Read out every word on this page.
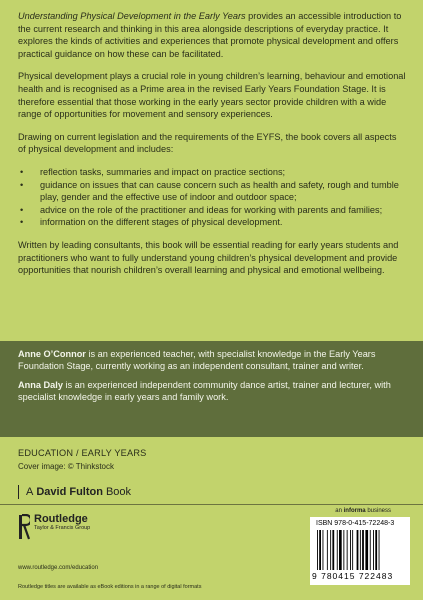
Understanding Physical Development in the Early Years provides an accessible introduction to the current research and thinking in this area alongside descriptions of everyday practice. It explores the kinds of activities and experiences that promote physical development and offers practical guidance on how these can be facilitated.

Physical development plays a crucial role in young children’s learning, behaviour and emotional health and is recognised as a Prime area in the revised Early Years Foundation Stage. It is therefore essential that those working in the early years sector provide children with a wide range of opportunities for movement and sensory experiences.

Drawing on current legislation and the requirements of the EYFS, the book covers all aspects of physical development and includes:

• reflection tasks, summaries and impact on practice sections;
• guidance on issues that can cause concern such as health and safety, rough and tumble play, gender and the effective use of indoor and outdoor space;
• advice on the role of the practitioner and ideas for working with parents and families;
• information on the different stages of physical development.

Written by leading consultants, this book will be essential reading for early years students and practitioners who want to fully understand young children’s physical development and provide opportunities that nourish children’s overall learning and physical and emotional wellbeing.

Anne O’Connor is an experienced teacher, with specialist knowledge in the Early Years Foundation Stage, currently working as an independent consultant, trainer and writer.

Anna Daly is an experienced independent community dance artist, trainer and lecturer, with specialist knowledge in early years and family work.

EDUCATION / EARLY YEARS
Cover image: © Thinkstock
A David Fulton Book
an informa business
Routledge
Taylor & Francis Group
www.routledge.com/education
Routledge titles are available as eBook editions in a range of digital formats
ISBN 978-0-415-72248-3
9 780415 722483
